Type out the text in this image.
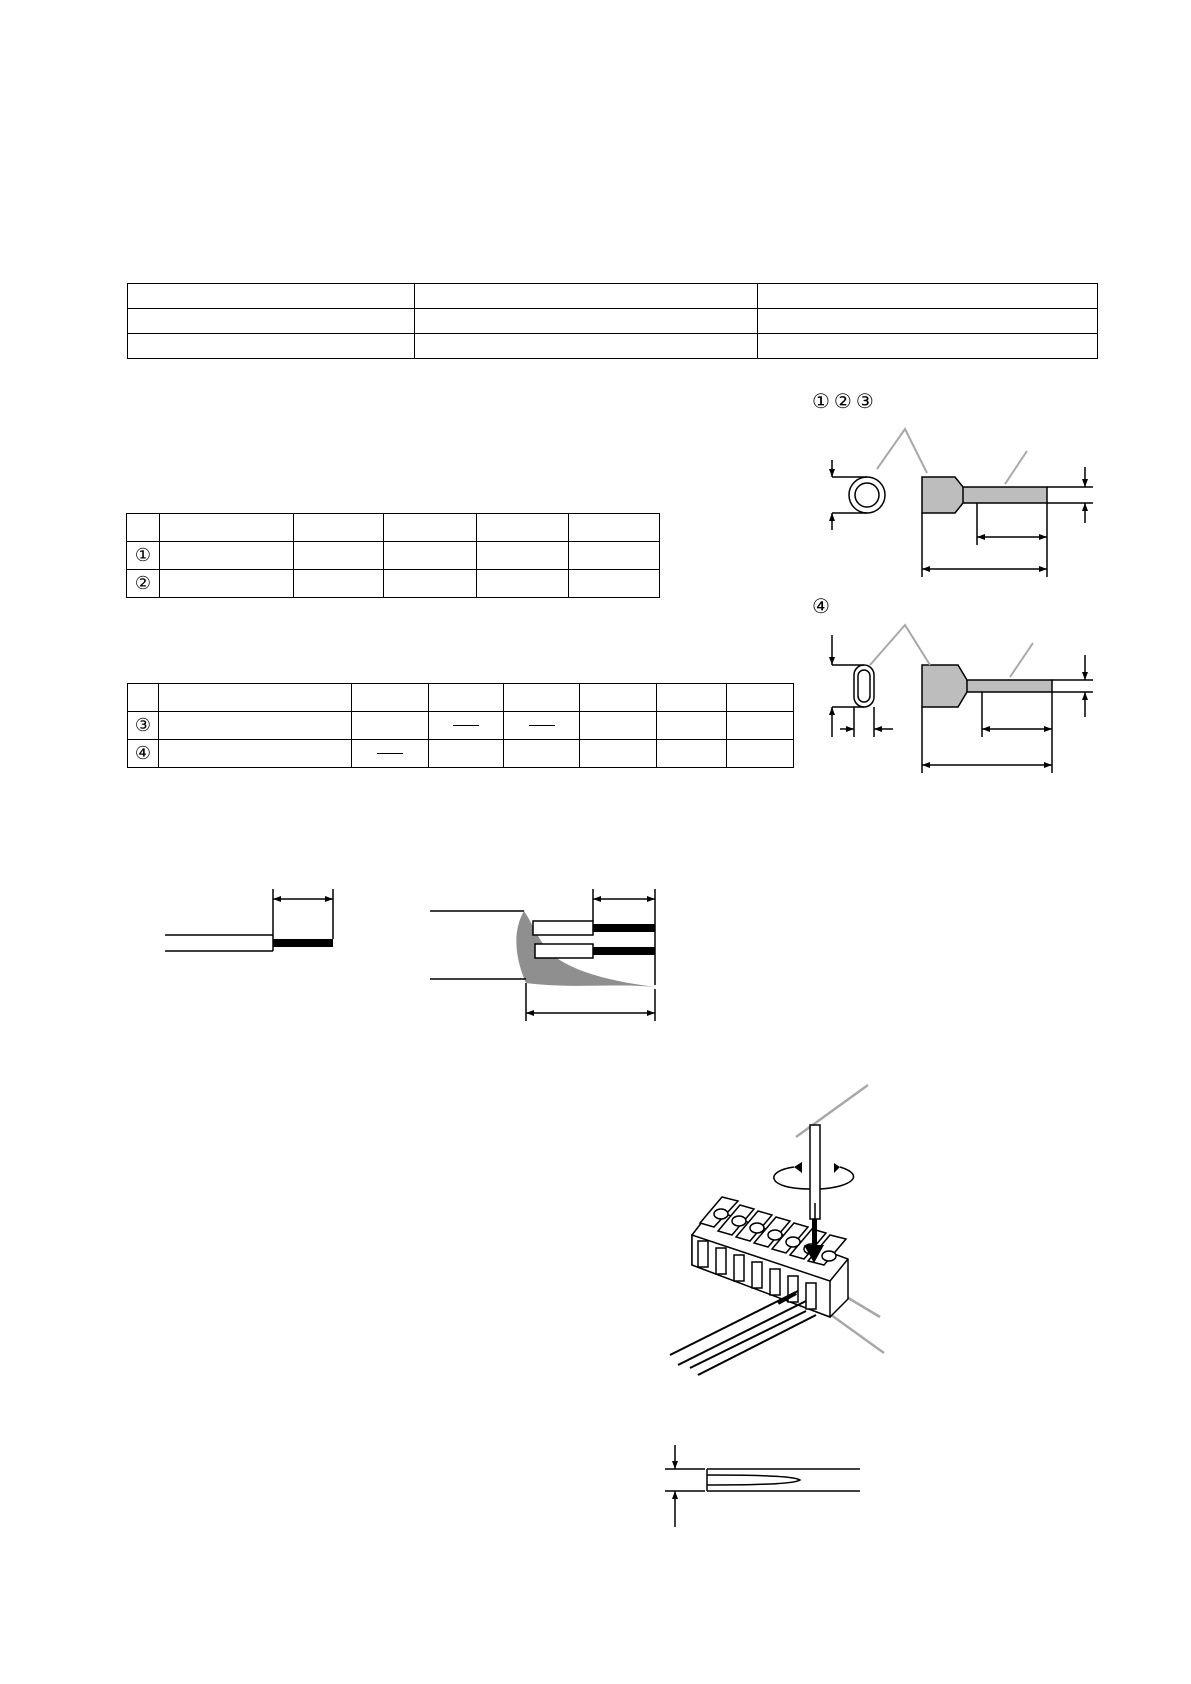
①					
②					

③							
④							
①②③
④
